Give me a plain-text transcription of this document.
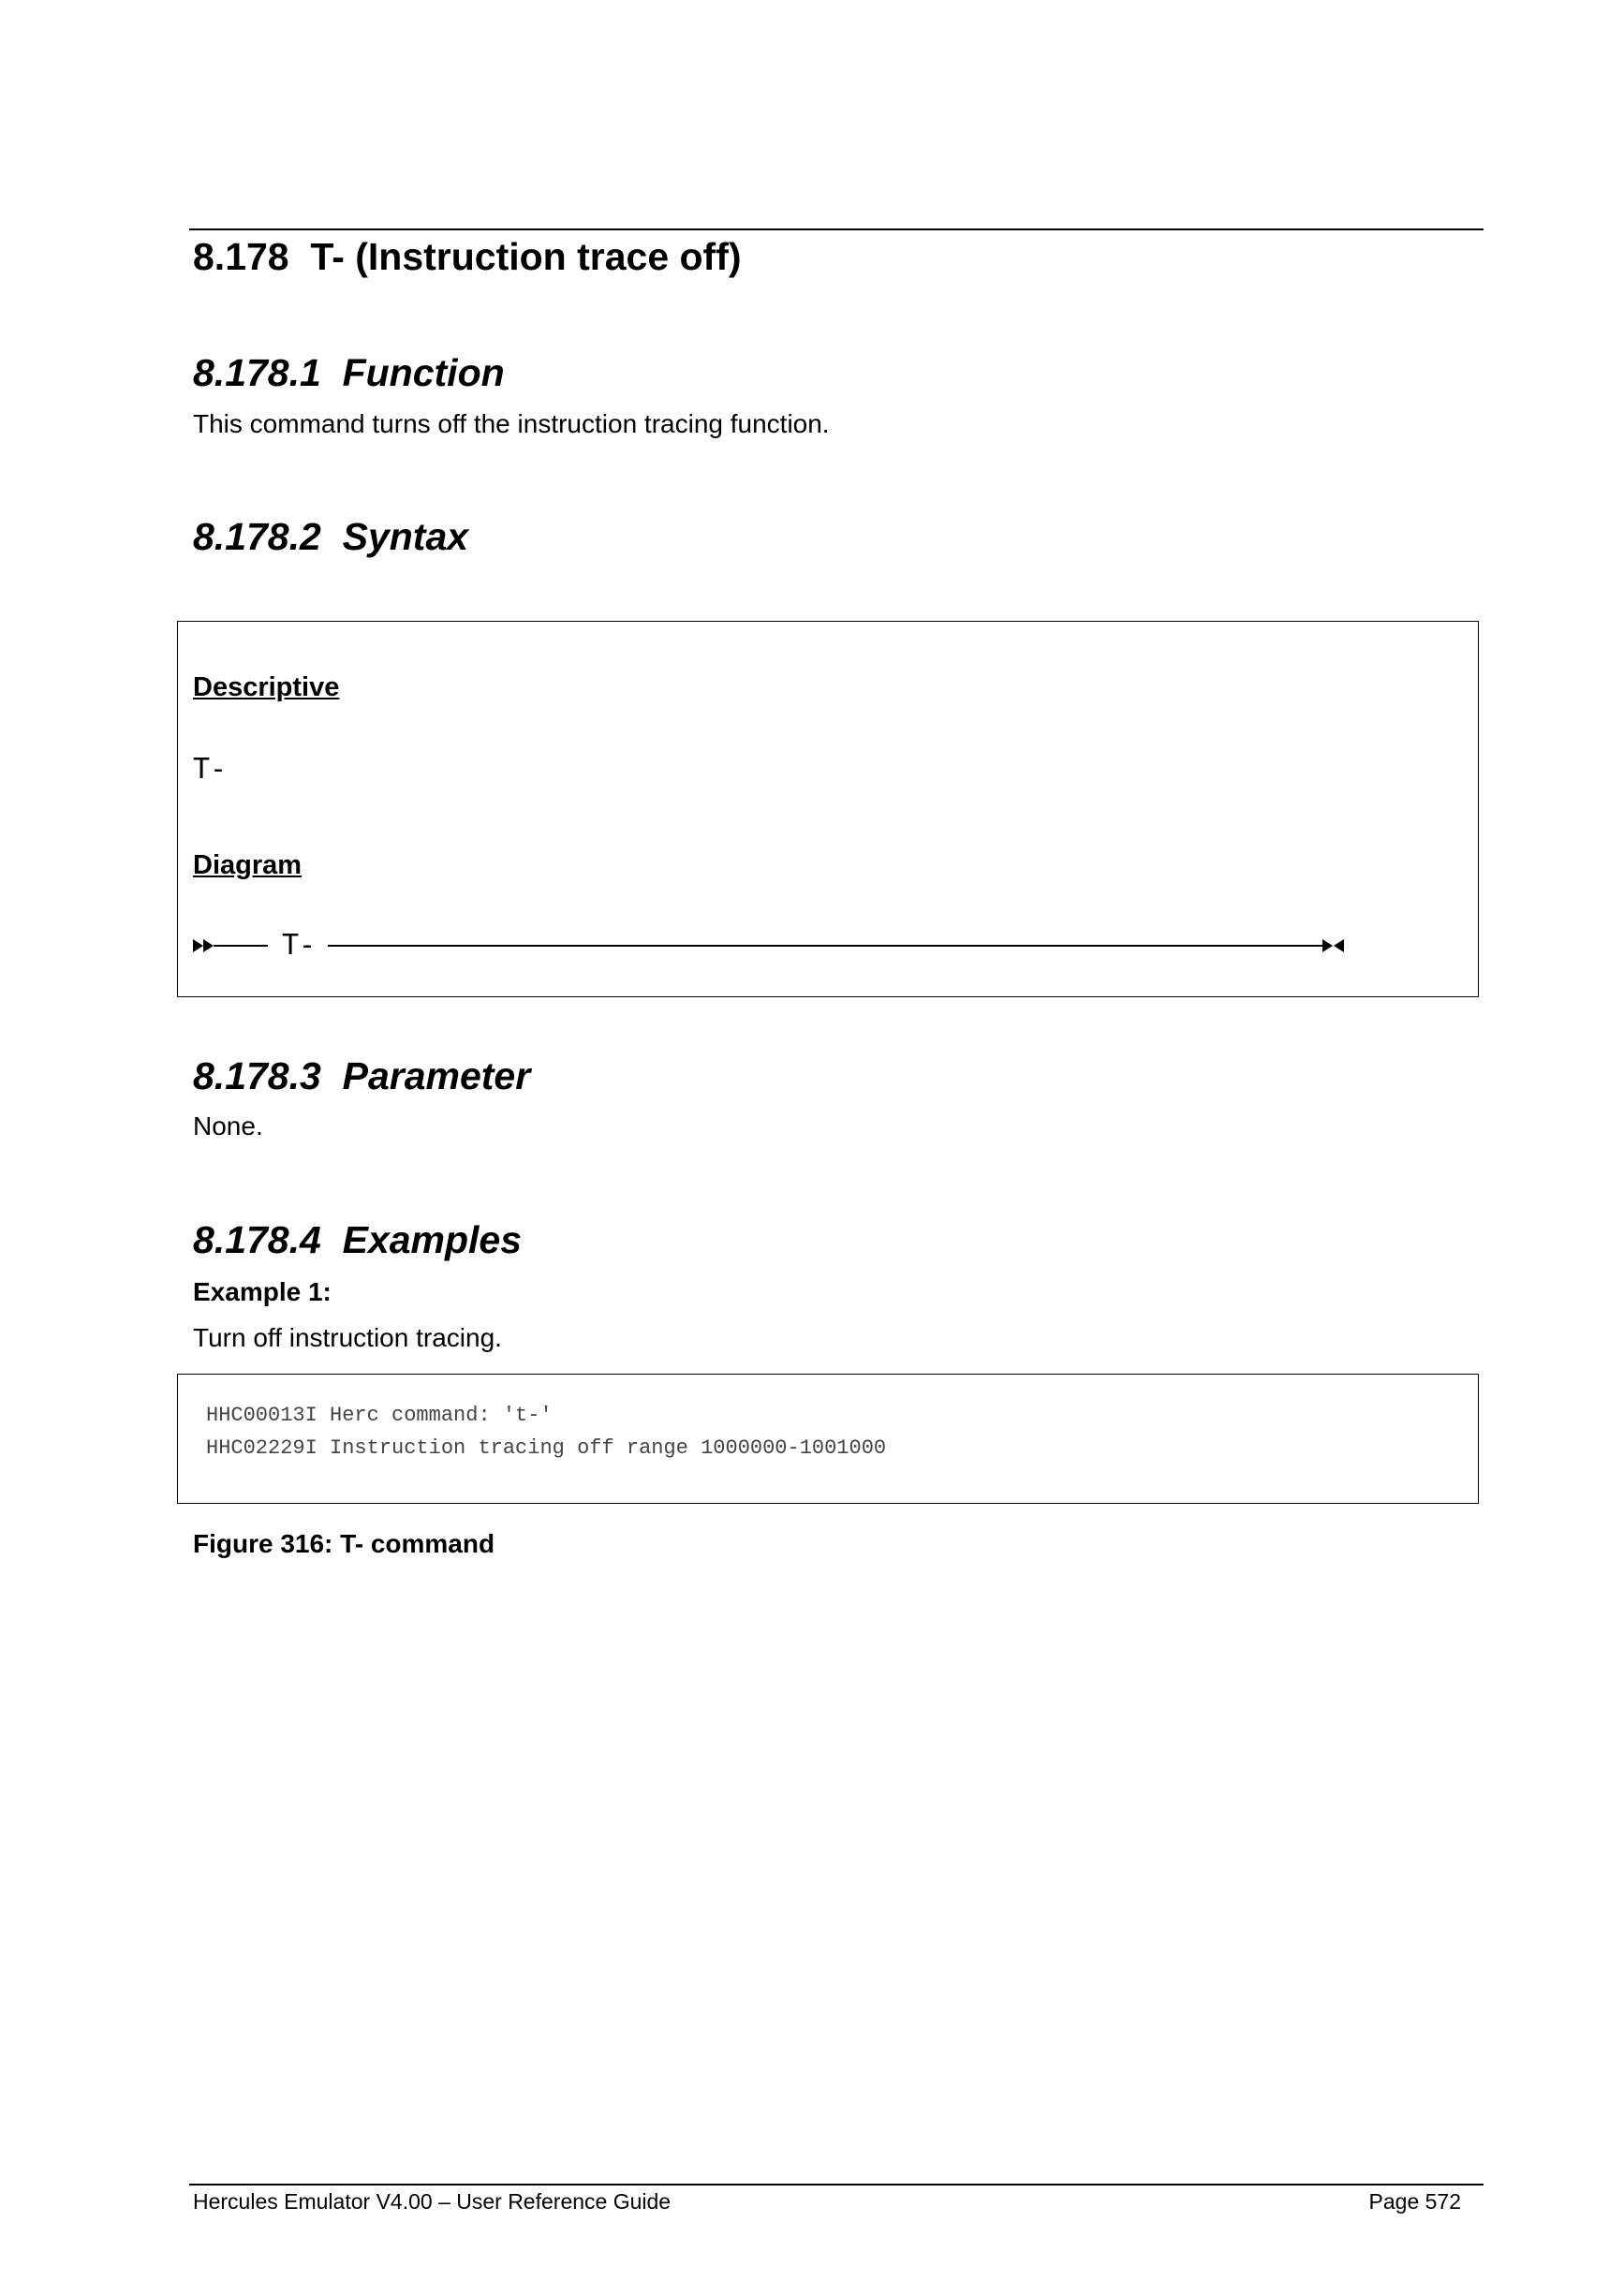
8.178 T- (Instruction trace off)
8.178.1 Function
This command turns off the instruction tracing function.
8.178.2 Syntax
Descriptive
T-
Diagram
T-
8.178.3 Parameter
None.
8.178.4 Examples
Example 1:
Turn off instruction tracing.
HHC00013I Herc command: 't-'
HHC02229I Instruction tracing off range 1000000-1001000
Figure 316: T- command
Hercules Emulator V4.00 – User Reference Guide	Page 572
